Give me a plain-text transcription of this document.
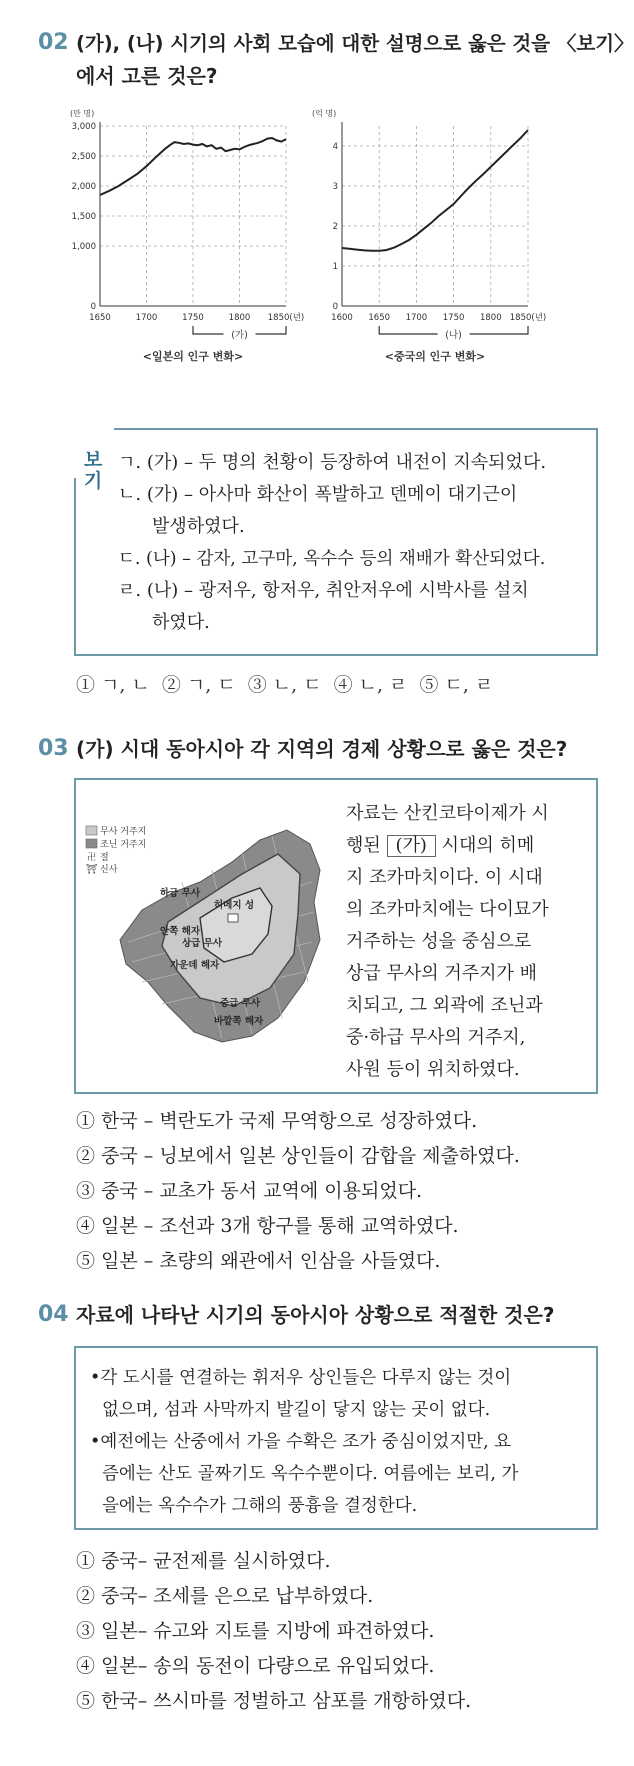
02 (가), (나) 시기의 사회 모습에 대한 설명으로 옳은 것을 〈보기〉
에서 고른 것은?
(만 명)
0
1,000
1,500
2,000
2,500
3,000
1650	1700	1750	1800 1850(년)
(가)
<일본의 인구 변화>
(억 명)
0
1
2
3
4
1600 1650 1700 1750 1800 1850(년)
(나)
<중국의 인구 변화>
보
기
ㄱ. (가) – 두 명의 천황이 등장하여 내전이 지속되었다.
ㄴ. (가) – 아사마 화산이 폭발하고 덴메이 대기근이
발생하였다.
ㄷ. (나) – 감자, 고구마, 옥수수 등의 재배가 확산되었다.
ㄹ. (나) – 광저우, 항저우, 취안저우에 시박사를 설치
하였다.
① ㄱ, ㄴ ② ㄱ, ㄷ ③ ㄴ, ㄷ ④ ㄴ, ㄹ ⑤ ㄷ, ㄹ
03 (가) 시대 동아시아 각 지역의 경제 상황으로 옳은 것은?
무사 거주지
조닌 거주지
卍 절
⛩ 신사
하급 무사
히메지 성
안쪽 해자
상급 무사
가운데 해자
중급 무사
바깥쪽 해자
자료는 산킨코타이제가 시
행된 (가) 시대의 히메
지 조카마치이다. 이 시대
의 조카마치에는 다이묘가
거주하는 성을 중심으로
상급 무사의 거주지가 배
치되고, 그 외곽에 조닌과
중·하급 무사의 거주지,
사원 등이 위치하였다.
① 한국 – 벽란도가 국제 무역항으로 성장하였다.
② 중국 – 닝보에서 일본 상인들이 감합을 제출하였다.
③ 중국 – 교초가 동서 교역에 이용되었다.
④ 일본 – 조선과 3개 항구를 통해 교역하였다.
⑤ 일본 – 초량의 왜관에서 인삼을 사들였다.
04 자료에 나타난 시기의 동아시아 상황으로 적절한 것은?
•각 도시를 연결하는 휘저우 상인들은 다루지 않는 것이
없으며, 섬과 사막까지 발길이 닿지 않는 곳이 없다.
•예전에는 산중에서 가을 수확은 조가 중심이었지만, 요
즘에는 산도 골짜기도 옥수수뿐이다. 여름에는 보리, 가
을에는 옥수수가 그해의 풍흉을 결정한다.
① 중국– 균전제를 실시하였다.
② 중국– 조세를 은으로 납부하였다.
③ 일본– 슈고와 지토를 지방에 파견하였다.
④ 일본– 송의 동전이 다량으로 유입되었다.
⑤ 한국– 쓰시마를 정벌하고 삼포를 개항하였다.
